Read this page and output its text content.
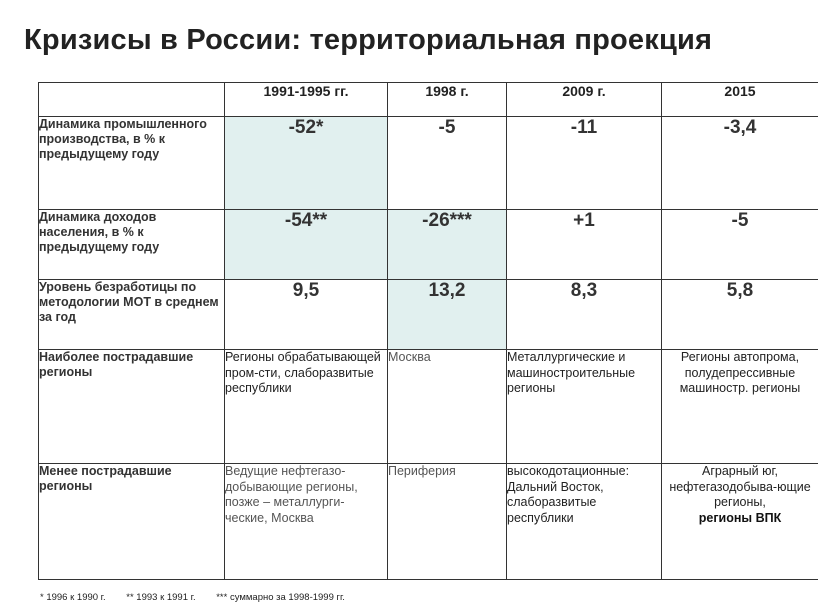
Кризисы в России: территориальная проекция
	1991-1995 гг.	1998 г.	2009 г.	2015
Динамика промышленного производства, в % к предыдущему году	-52*	-5	-11	-3,4
Динамика доходов населения, в % к предыдущему году	-54**	-26***	+1	-5
Уровень безработицы по методологии МОТ в среднем за год	9,5	13,2	8,3	5,8
Наиболее пострадавшие регионы	Регионы обрабатывающей пром-сти, слаборазвитые республики	Москва	Металлургические и машиностроительные регионы	Регионы автопрома, полудепрессивные машиностр. регионы
Менее пострадавшие регионы	Ведущие нефтегазо-добывающие регионы, позже – металлурги-ческие, Москва	Периферия	высокодотационные: Дальний Восток, слаборазвитые республики	Аграрный юг, нефтегазодобыва-ющие регионы,
регионы ВПК
* 1996 к 1990 г. ** 1993 к 1991 г. *** суммарно за 1998-1999 гг.
